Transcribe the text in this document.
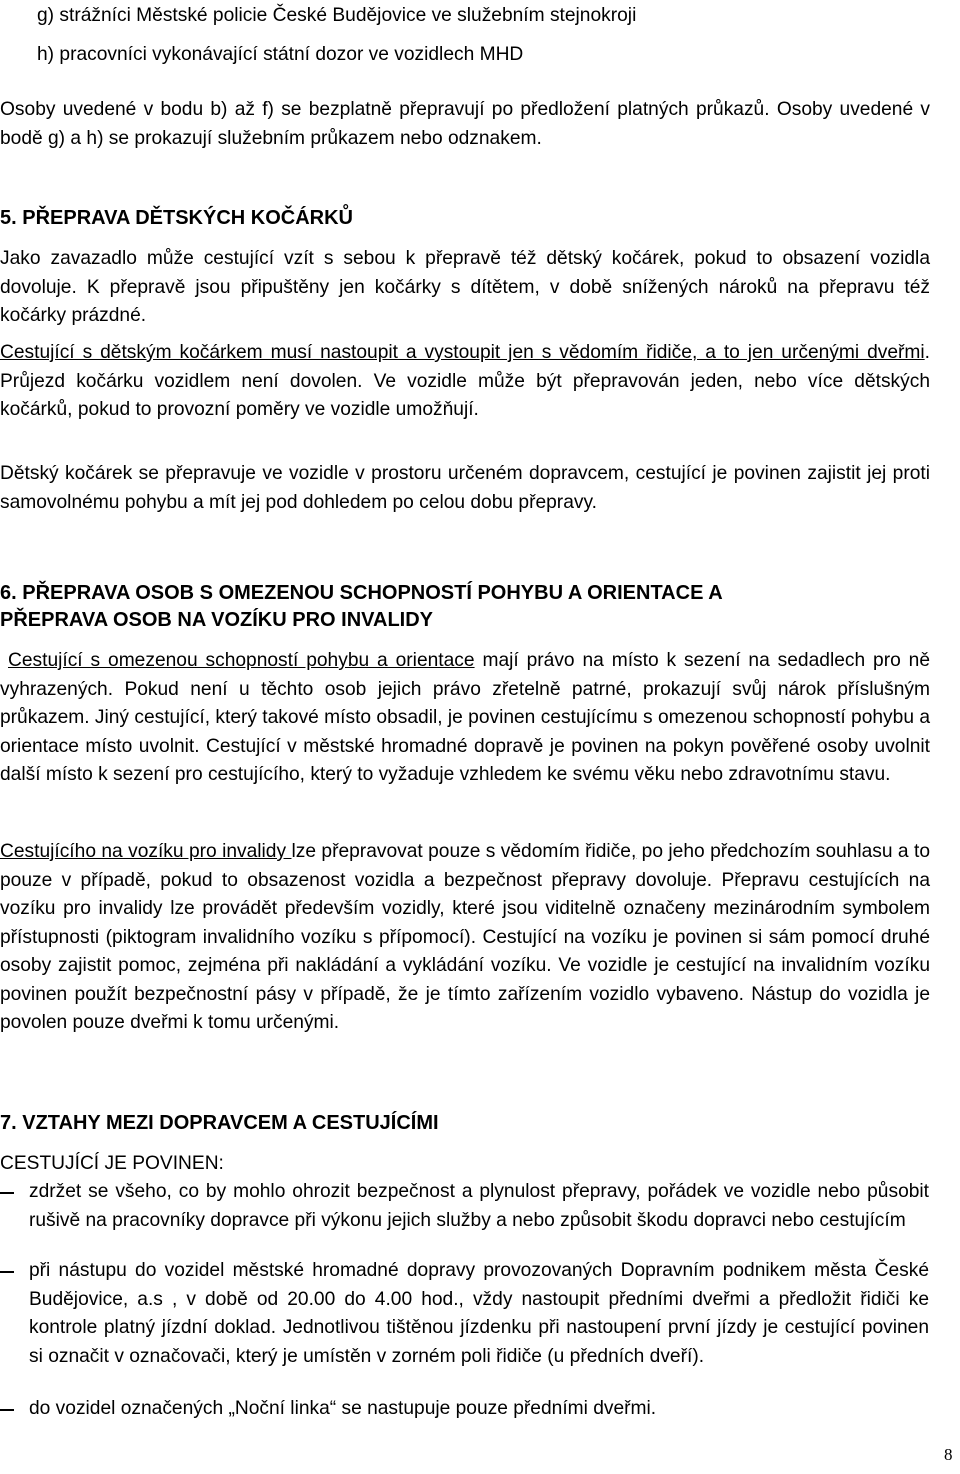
g) strážníci Městské policie České Budějovice ve služebním stejnokroji

h) pracovníci vykonávající státní dozor ve vozidlech MHD

Osoby uvedené v bodu b) až f) se bezplatně přepravují po předložení platných průkazů. Osoby uvedené v bodě g) a h) se prokazují služebním průkazem nebo odznakem.

5. PŘEPRAVA DĚTSKÝCH KOČÁRKŮ

Jako zavazadlo může cestující vzít s sebou k přepravě též dětský kočárek, pokud to obsazení vozidla dovoluje. K přepravě jsou připuštěny jen kočárky s dítětem, v době snížených nároků na přepravu též kočárky prázdné.

Cestující s dětským kočárkem musí nastoupit a vystoupit jen s vědomím řidiče, a to jen určenými dveřmi. Průjezd kočárku vozidlem není dovolen. Ve vozidle může být přepravován jeden, nebo více dětských kočárků, pokud to provozní poměry ve vozidle umožňují.

Dětský kočárek se přepravuje ve vozidle v prostoru určeném dopravcem, cestující je povinen zajistit jej proti samovolnému pohybu a mít jej pod dohledem po celou dobu přepravy.

6. PŘEPRAVA OSOB S OMEZENOU SCHOPNOSTÍ POHYBU A ORIENTACE A
PŘEPRAVA OSOB NA VOZÍKU PRO INVALIDY

Cestující s omezenou schopností pohybu a orientace mají právo na místo k sezení na sedadlech pro ně vyhrazených. Pokud není u těchto osob jejich právo zřetelně patrné, prokazují svůj nárok příslušným průkazem. Jiný cestující, který takové místo obsadil, je povinen cestujícímu s omezenou schopností pohybu a orientace místo uvolnit. Cestující v městské hromadné dopravě je povinen na pokyn pověřené osoby uvolnit další místo k sezení pro cestujícího, který to vyžaduje vzhledem ke svému věku nebo zdravotnímu stavu.

Cestujícího na vozíku pro invalidy lze přepravovat pouze s vědomím řidiče, po jeho předchozím souhlasu a to pouze v případě, pokud to obsazenost vozidla a bezpečnost přepravy dovoluje. Přepravu cestujících na vozíku pro invalidy lze provádět především vozidly, které jsou viditelně označeny mezinárodním symbolem přístupnosti (piktogram invalidního vozíku s přípomocí). Cestující na vozíku je povinen si sám pomocí druhé osoby zajistit pomoc, zejména při nakládání a vykládání vozíku. Ve vozidle je cestující na invalidním vozíku povinen použít bezpečnostní pásy v případě, že je tímto zařízením vozidlo vybaveno. Nástup do vozidla je povolen pouze dveřmi k tomu určenými.

7. VZTAHY MEZI DOPRAVCEM A CESTUJÍCÍMI

CESTUJÍCÍ JE POVINEN:

zdržet se všeho, co by mohlo ohrozit bezpečnost a plynulost přepravy, pořádek ve vozidle nebo působit rušivě na pracovníky dopravce při výkonu jejich služby a nebo způsobit škodu dopravci nebo cestujícím

při nástupu do vozidel městské hromadné dopravy provozovaných Dopravním podnikem města České Budějovice, a.s , v době od 20.00 do 4.00 hod., vždy nastoupit předními dveřmi a předložit řidiči ke kontrole platný jízdní doklad. Jednotlivou tištěnou jízdenku při nastoupení první jízdy je cestující povinen si označit v označovači, který je umístěn v zorném poli řidiče (u předních dveří).

do vozidel označených „Noční linka“ se nastupuje pouze předními dveřmi.

8
